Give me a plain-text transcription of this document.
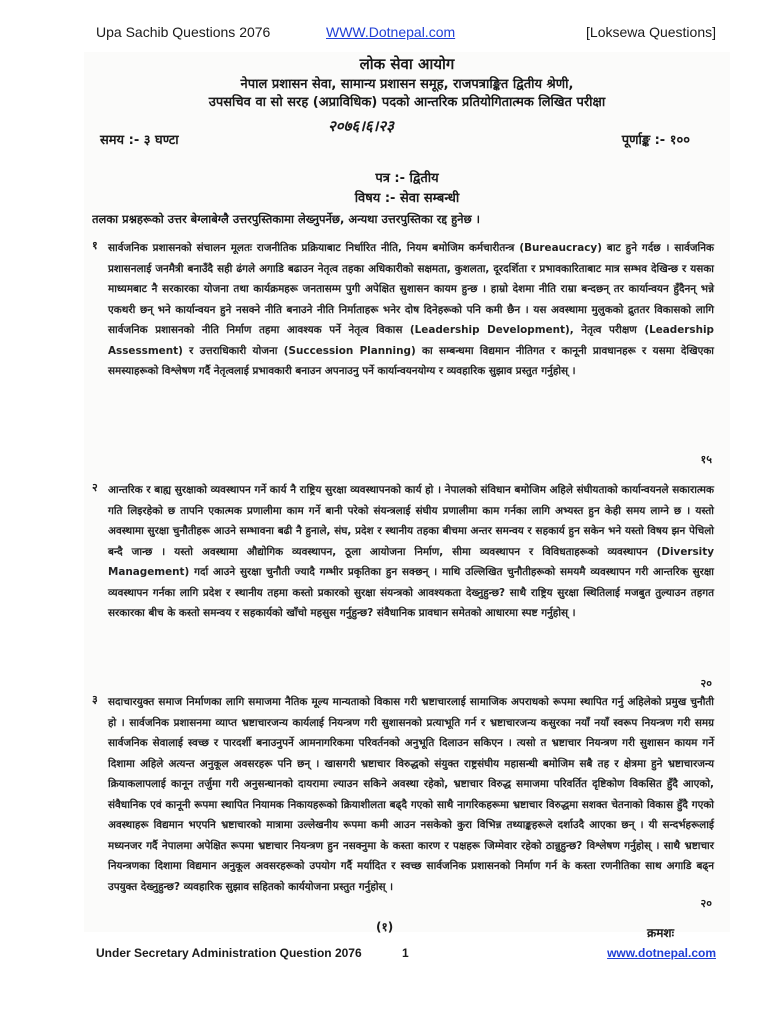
Upa Sachib Questions 2076	WWW.Dotnepal.com	[Loksewa Questions]
लोक सेवा आयोग
नेपाल प्रशासन सेवा, सामान्य प्रशासन समूह, राजपत्राङ्कित द्वितीय श्रेणी,
उपसचिव वा सो सरह (अप्राविधिक) पदको आन्तरिक प्रतियोगितात्मक लिखित परीक्षा
समय :- ३ घण्टा
२०७६।६।२३
पूर्णाङ्क :- १००
पत्र :- द्वितीय
विषय :- सेवा सम्बन्धी
तलका प्रश्नहरूको उत्तर बेग्लाबेग्लै उत्तरपुस्तिकामा लेख्नुपर्नेछ, अन्यथा उत्तरपुस्तिका रद्द हुनेछ ।
१ सार्वजनिक प्रशासनको संचालन मूलतः राजनीतिक प्रक्रियाबाट निर्धारित नीति, नियम बमोजिम कर्मचारीतन्त्र (Bureaucracy) बाट हुने गर्दछ । सार्वजनिक प्रशासनलाई जनमैत्री बनाउँदै सही ढंगले अगाडि बढाउन नेतृत्व तहका अधिकारीको सक्षमता, कुशलता, दूरदर्शिता र प्रभावकारिताबाट मात्र सम्भव देखिन्छ र यसका माध्यमबाट नै सरकारका योजना तथा कार्यक्रमहरू जनतासम्म पुगी अपेक्षित सुशासन कायम हुन्छ । हाम्रो देशमा नीति राम्रा बन्दछन् तर कार्यान्वयन हुँदैनन् भन्ने एकथरी छन् भने कार्यान्वयन हुने नसक्ने नीति बनाउने नीति निर्माताहरू भनेर दोष दिनेहरूको पनि कमी छैन । यस अवस्थामा मुलुकको द्रुततर विकासको लागि सार्वजनिक प्रशासनको नीति निर्माण तहमा आवश्यक पर्ने नेतृत्व विकास (Leadership Development), नेतृत्व परीक्षण (Leadership Assessment) र उत्तराधिकारी योजना (Succession Planning) का सम्बन्धमा विद्यमान नीतिगत र कानूनी प्रावधानहरू र यसमा देखिएका समस्याहरूको विश्लेषण गर्दै नेतृत्वलाई प्रभावकारी बनाउन अपनाउनु पर्ने कार्यान्वयनयोग्य र व्यवहारिक सुझाव प्रस्तुत गर्नुहोस् ।
१५
२ आन्तरिक र बाह्य सुरक्षाको व्यवस्थापन गर्ने कार्य नै राष्ट्रिय सुरक्षा व्यवस्थापनको कार्य हो । नेपालको संविधान बमोजिम अहिले संघीयताको कार्यान्वयनले सकारात्मक गति लिइरहेको छ तापनि एकात्मक प्रणालीमा काम गर्ने बानी परेको संयन्त्रलाई संघीय प्रणालीमा काम गर्नका लागि अभ्यस्त हुन केही समय लाग्ने छ । यस्तो अवस्थामा सुरक्षा चुनौतीहरू आउने सम्भावना बढी नै हुनाले, संघ, प्रदेश र स्थानीय तहका बीचमा अन्तर समन्वय र सहकार्य हुन सकेन भने यस्तो विषय झन पेचिलो बन्दै जान्छ । यस्तो अवस्थामा औद्योगिक व्यवस्थापन, ठूला आयोजना निर्माण, सीमा व्यवस्थापन र विविधताहरूको व्यवस्थापन (Diversity Management) गर्दा आउने सुरक्षा चुनौती ज्यादै गम्भीर प्रकृतिका हुन सक्छन् । माथि उल्लिखित चुनौतीहरूको समयमै व्यवस्थापन गरी आन्तरिक सुरक्षा व्यवस्थापन गर्नका लागि प्रदेश र स्थानीय तहमा कस्तो प्रकारको सुरक्षा संयन्त्रको आवश्यकता देख्नुहुन्छ? साथै राष्ट्रिय सुरक्षा स्थितिलाई मजबुत तुल्याउन तहगत सरकारका बीच के कस्तो समन्वय र सहकार्यको खाँचो महसुस गर्नुहुन्छ? संवैधानिक प्रावधान समेतको आधारमा स्पष्ट गर्नुहोस् ।
२०
३ सदाचारयुक्त समाज निर्माणका लागि समाजमा नैतिक मूल्य मान्यताको विकास गरी भ्रष्टाचारलाई सामाजिक अपराधको रूपमा स्थापित गर्नु अहिलेको प्रमुख चुनौती हो । सार्वजनिक प्रशासनमा व्याप्त भ्रष्टाचारजन्य कार्यलाई नियन्त्रण गरी सुशासनको प्रत्याभूति गर्न र भ्रष्टाचारजन्य कसुरका नयाँ नयाँ स्वरूप नियन्त्रण गरी समग्र सार्वजनिक सेवालाई स्वच्छ र पारदर्शी बनाउनुपर्ने आमनागरिकमा परिवर्तनको अनुभूति दिलाउन सकिएन । त्यसो त भ्रष्टाचार नियन्त्रण गरी सुशासन कायम गर्ने दिशामा अहिले अत्यन्त अनुकूल अवसरहरू पनि छन् । खासगरी भ्रष्टाचार विरुद्धको संयुक्त राष्ट्रसंघीय महासन्धी बमोजिम सबै तह र क्षेत्रमा हुने भ्रष्टाचारजन्य क्रियाकलापलाई कानून तर्जुमा गरी अनुसन्धानको दायरामा ल्याउन सकिने अवस्था रहेको, भ्रष्टाचार विरुद्ध समाजमा परिवर्तित दृष्टिकोण विकसित हुँदै आएको, संवैधानिक एवं कानूनी रूपमा स्थापित नियामक निकायहरूको क्रियाशीलता बढ्दै गएको साथै नागरिकहरूमा भ्रष्टाचार विरुद्धमा सशक्त चेतनाको विकास हुँदै गएको अवस्थाहरू विद्यमान भएपनि भ्रष्टाचारको मात्रामा उल्लेखनीय रूपमा कमी आउन नसकेको कुरा विभिन्न तथ्याङ्कहरूले दर्शाउदै आएका छन् । यी सन्दर्भहरूलाई मध्यनजर गर्दै नेपालमा अपेक्षित रूपमा भ्रष्टाचार नियन्त्रण हुन नसक्नुमा के कस्ता कारण र पक्षहरू जिम्मेवार रहेको ठान्नुहुन्छ? विश्लेषण गर्नुहोस् । साथै भ्रष्टाचार नियन्त्रणका दिशामा विद्यमान अनुकूल अवसरहरूको उपयोग गर्दै मर्यादित र स्वच्छ सार्वजनिक प्रशासनको निर्माण गर्न के कस्ता रणनीतिका साथ अगाडि बढ्न उपयुक्त देख्नुहुन्छ? व्यवहारिक सुझाव सहितको कार्ययोजना प्रस्तुत गर्नुहोस् ।
२०
(१)	क्रमशः
Under Secretary Administration Question 2076	1	www.dotnepal.com
